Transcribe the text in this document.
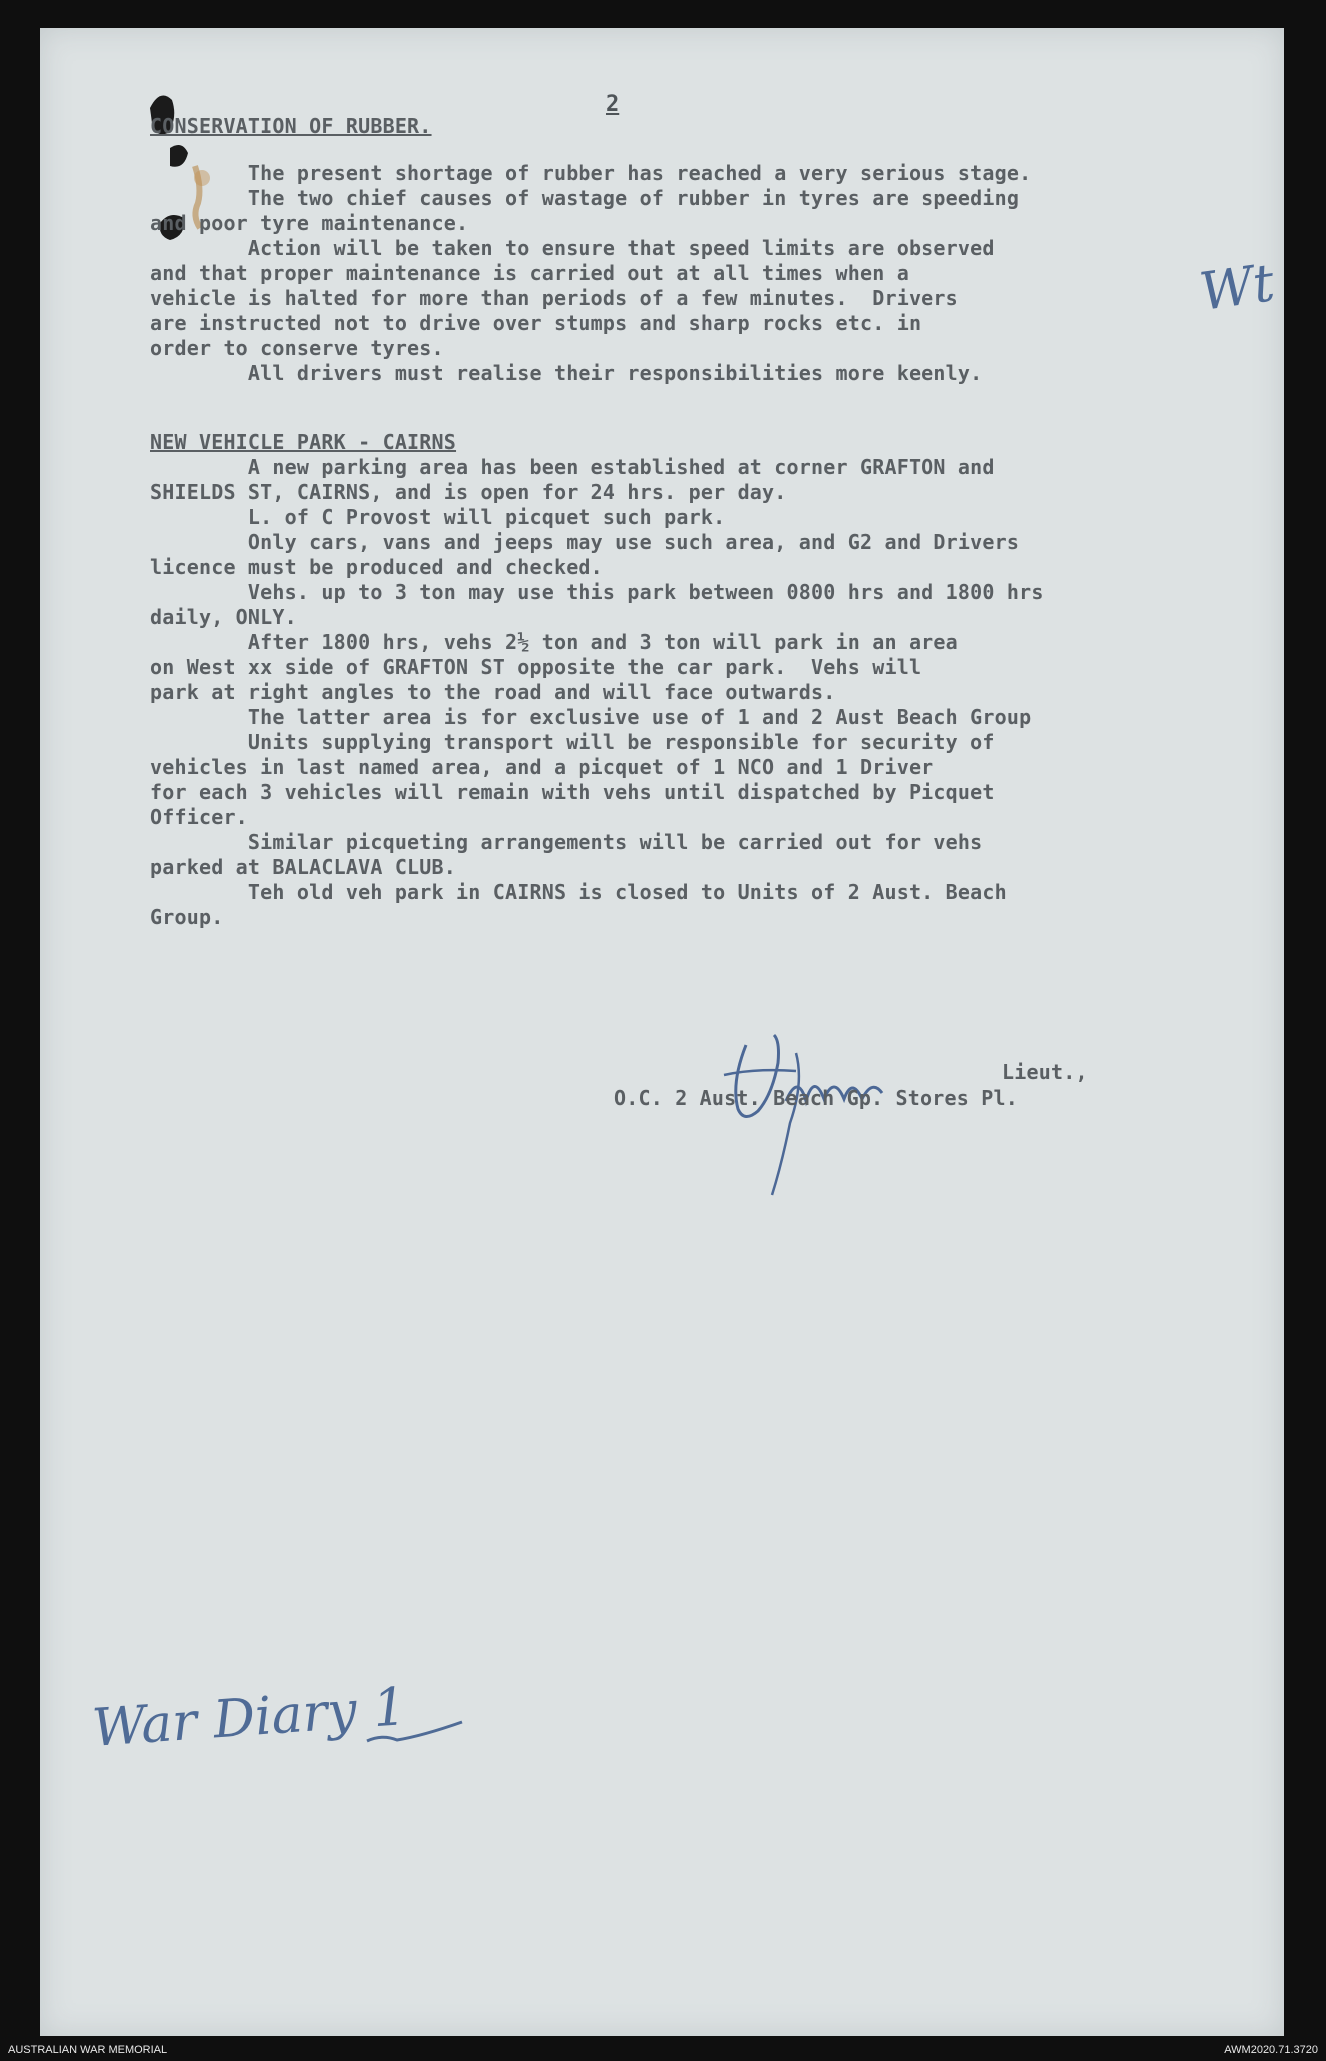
2
CONSERVATION OF RUBBER.
The present shortage of rubber has reached a very serious stage.
The two chief causes of wastage of rubber in tyres are speeding
and poor tyre maintenance.
Action will be taken to ensure that speed limits are observed
and that proper maintenance is carried out at all times when a
vehicle is halted for more than periods of a few minutes.  Drivers
are instructed not to drive over stumps and sharp rocks etc. in
order to conserve tyres.
All drivers must realise their responsibilities more keenly.
NEW VEHICLE PARK - CAIRNS
A new parking area has been established at corner GRAFTON and
SHIELDS ST, CAIRNS, and is open for 24 hrs. per day.
L. of C Provost will picquet such park.
Only cars, vans and jeeps may use such area, and G2 and Drivers
licence must be produced and checked.
Vehs. up to 3 ton may use this park between 0800 hrs and 1800 hrs
daily, ONLY.
After 1800 hrs, vehs 2½ ton and 3 ton will park in an area
on West xx side of GRAFTON ST opposite the car park.  Vehs will
park at right angles to the road and will face outwards.
The latter area is for exclusive use of 1 and 2 Aust Beach Group
Units supplying transport will be responsible for security of
vehicles in last named area, and a picquet of 1 NCO and 1 Driver
for each 3 vehicles will remain with vehs until dispatched by Picquet
Officer.
Similar picqueting arrangements will be carried out for vehs
parked at BALACLAVA CLUB.
Teh old veh park in CAIRNS is closed to Units of 2 Aust. Beach
Group.
Lieut.,
O.C. 2 Aust. Beach Gp. Stores Pl.
Wt
War Diary 1
AUSTRALIAN WAR MEMORIAL	AWM2020.71.3720
